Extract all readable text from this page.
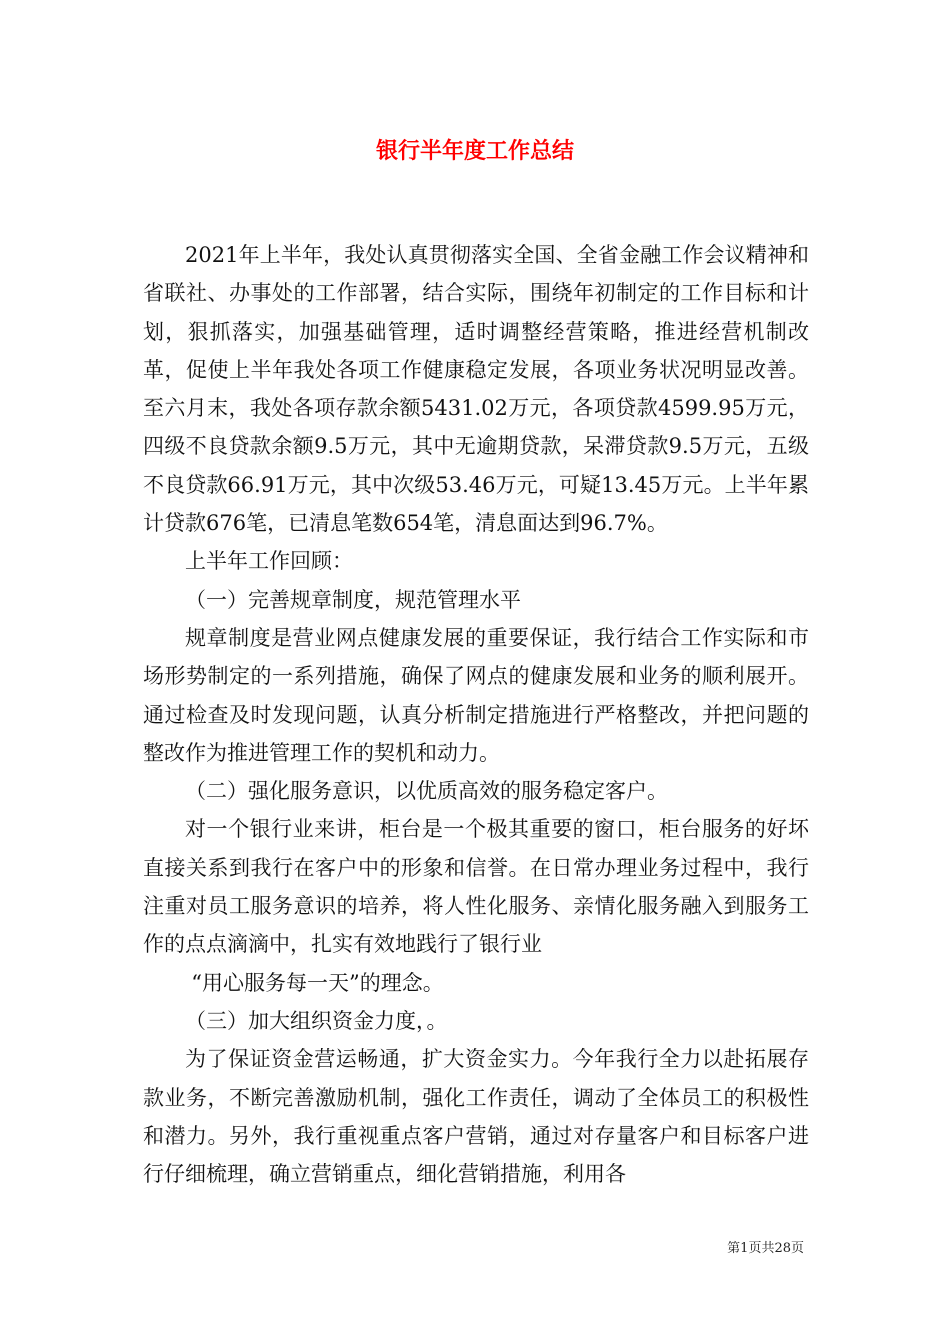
银行半年度工作总结

2021年上半年，我处认真贯彻落实全国、全省金融工作会议精神和省联社、办事处的工作部署，结合实际，围绕年初制定的工作目标和计划，狠抓落实，加强基础管理，适时调整经营策略，推进经营机制改革，促使上半年我处各项工作健康稳定发展，各项业务状况明显改善。至六月末，我处各项存款余额5431.02万元，各项贷款4599.95万元，四级不良贷款余额9.5万元，其中无逾期贷款，呆滞贷款9.5万元，五级不良贷款66.91万元，其中次级53.46万元，可疑13.45万元。上半年累计贷款676笔，已清息笔数654笔，清息面达到96.7%。

上半年工作回顾：

（一）完善规章制度，规范管理水平

规章制度是营业网点健康发展的重要保证，我行结合工作实际和市场形势制定的一系列措施，确保了网点的健康发展和业务的顺利展开。通过检查及时发现问题，认真分析制定措施进行严格整改，并把问题的整改作为推进管理工作的契机和动力。

（二）强化服务意识，以优质高效的服务稳定客户。

对一个银行业来讲，柜台是一个极其重要的窗口，柜台服务的好坏直接关系到我行在客户中的形象和信誉。在日常办理业务过程中，我行注重对员工服务意识的培养，将人性化服务、亲情化服务融入到服务工作的点点滴滴中，扎实有效地践行了银行业

“用心服务每一天”的理念。

（三）加大组织资金力度，。

为了保证资金营运畅通，扩大资金实力。今年我行全力以赴拓展存款业务，不断完善激励机制，强化工作责任，调动了全体员工的积极性和潜力。另外，我行重视重点客户营销，通过对存量客户和目标客户进行仔细梳理，确立营销重点，细化营销措施，利用各

第1页共28页
